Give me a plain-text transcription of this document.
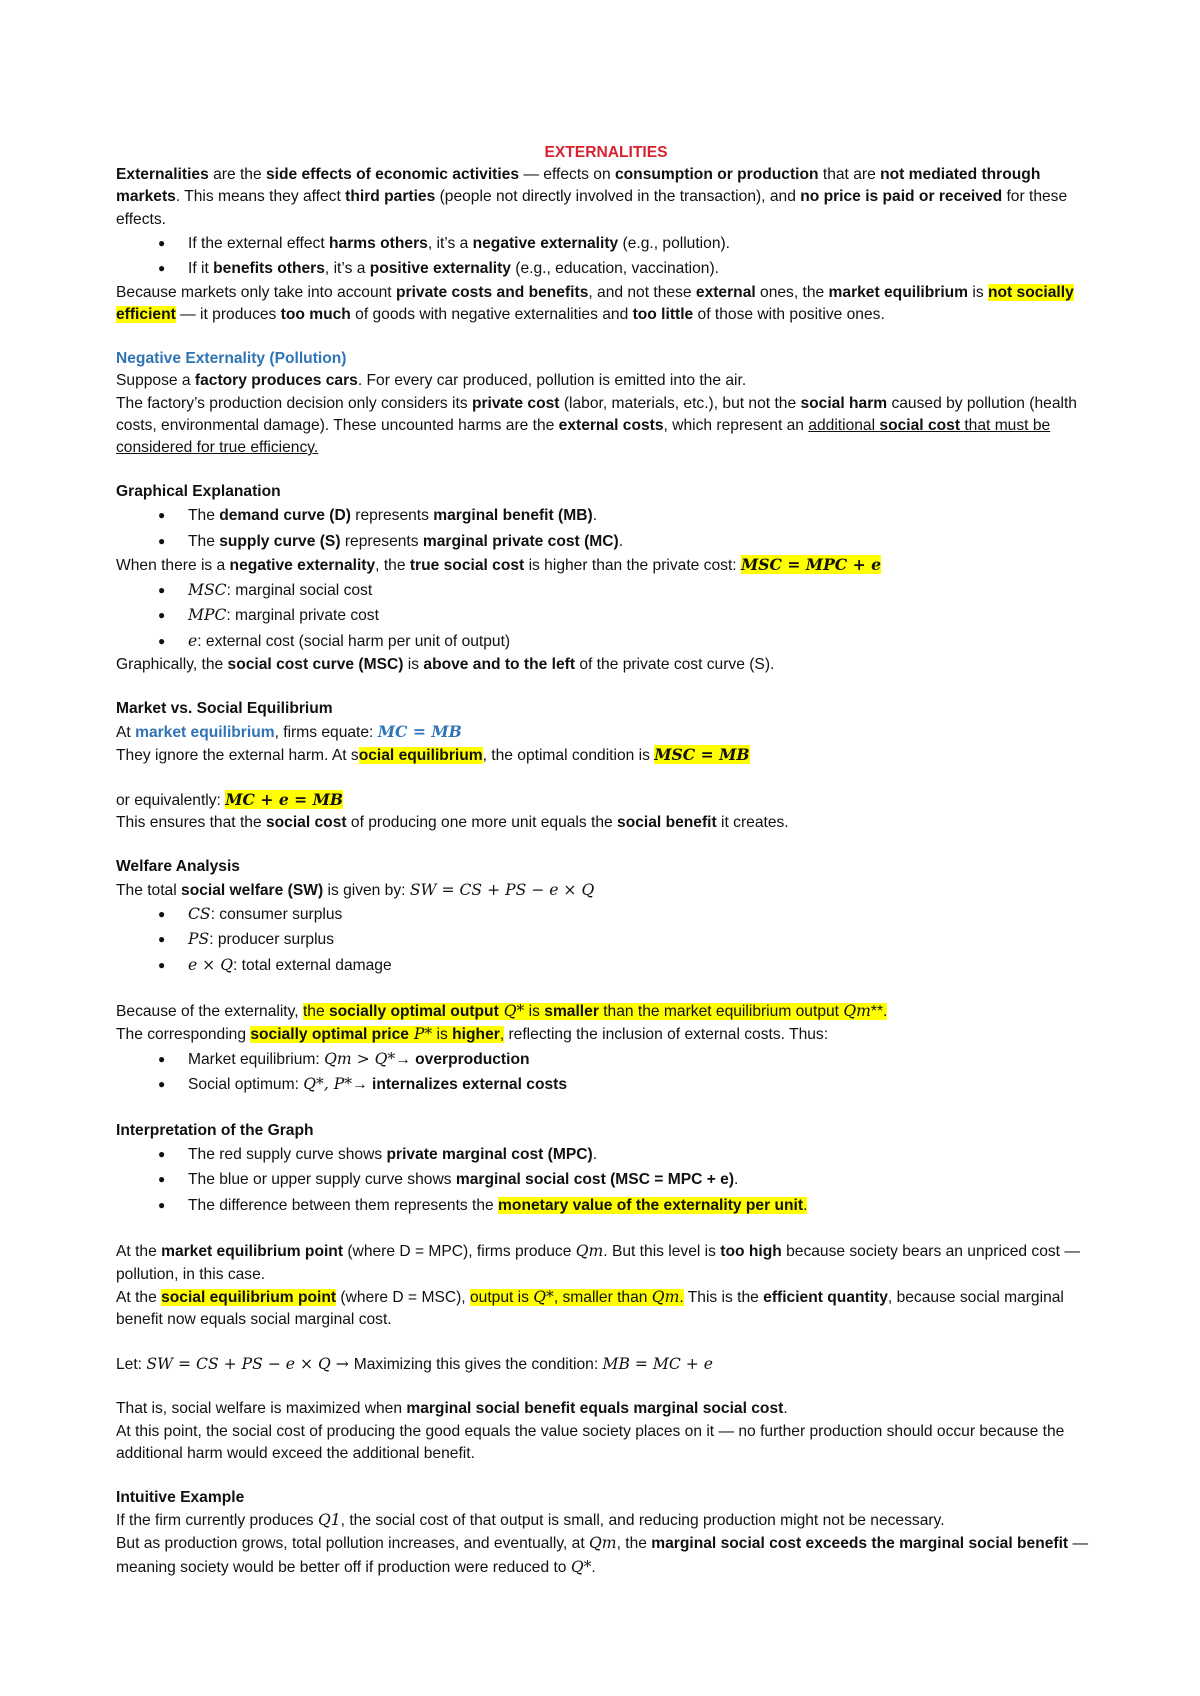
EXTERNALITIES

Externalities are the side effects of economic activities — effects on consumption or production that are not mediated through markets. This means they affect third parties (people not directly involved in the transaction), and no price is paid or received for these effects.

● If the external effect harms others, it’s a negative externality (e.g., pollution).
● If it benefits others, it’s a positive externality (e.g., education, vaccination).

Because markets only take into account private costs and benefits, and not these external ones, the market equilibrium is not socially efficient — it produces too much of goods with negative externalities and too little of those with positive ones.

Negative Externality (Pollution)

Suppose a factory produces cars. For every car produced, pollution is emitted into the air.

The factory’s production decision only considers its private cost (labor, materials, etc.), but not the social harm caused by pollution (health costs, environmental damage). These uncounted harms are the external costs, which represent an additional social cost that must be considered for true efficiency.

Graphical Explanation

● The demand curve (D) represents marginal benefit (MB).
● The supply curve (S) represents marginal private cost (MC).

When there is a negative externality, the true social cost is higher than the private cost: MSC = MPC + e

● MSC: marginal social cost
● MPC: marginal private cost
● e: external cost (social harm per unit of output)

Graphically, the social cost curve (MSC) is above and to the left of the private cost curve (S).

Market vs. Social Equilibrium

At market equilibrium, firms equate: MC = MB

They ignore the external harm. At social equilibrium, the optimal condition is MSC = MB

or equivalently: MC + e = MB

This ensures that the social cost of producing one more unit equals the social benefit it creates.

Welfare Analysis

The total social welfare (SW) is given by: SW = CS + PS − e × Q

● CS: consumer surplus
● PS: producer surplus
● e × Q: total external damage

Because of the externality, the socially optimal output Q* is smaller than the market equilibrium output Qm**.

The corresponding socially optimal price P* is higher, reflecting the inclusion of external costs. Thus:

● Market equilibrium: Qm > Q*→ overproduction
● Social optimum: Q*, P*→ internalizes external costs

Interpretation of the Graph

● The red supply curve shows private marginal cost (MPC).
● The blue or upper supply curve shows marginal social cost (MSC = MPC + e).
● The difference between them represents the monetary value of the externality per unit.

At the market equilibrium point (where D = MPC), firms produce Qm. But this level is too high because society bears an unpriced cost — pollution, in this case.

At the social equilibrium point (where D = MSC), output is Q*, smaller than Qm. This is the efficient quantity, because social marginal benefit now equals social marginal cost.

Let: SW = CS + PS − e × Q → Maximizing this gives the condition: MB = MC + e

That is, social welfare is maximized when marginal social benefit equals marginal social cost.

At this point, the social cost of producing the good equals the value society places on it — no further production should occur because the additional harm would exceed the additional benefit.

Intuitive Example

If the firm currently produces Q1, the social cost of that output is small, and reducing production might not be necessary.

But as production grows, total pollution increases, and eventually, at Qm, the marginal social cost exceeds the marginal social benefit — meaning society would be better off if production were reduced to Q*.
